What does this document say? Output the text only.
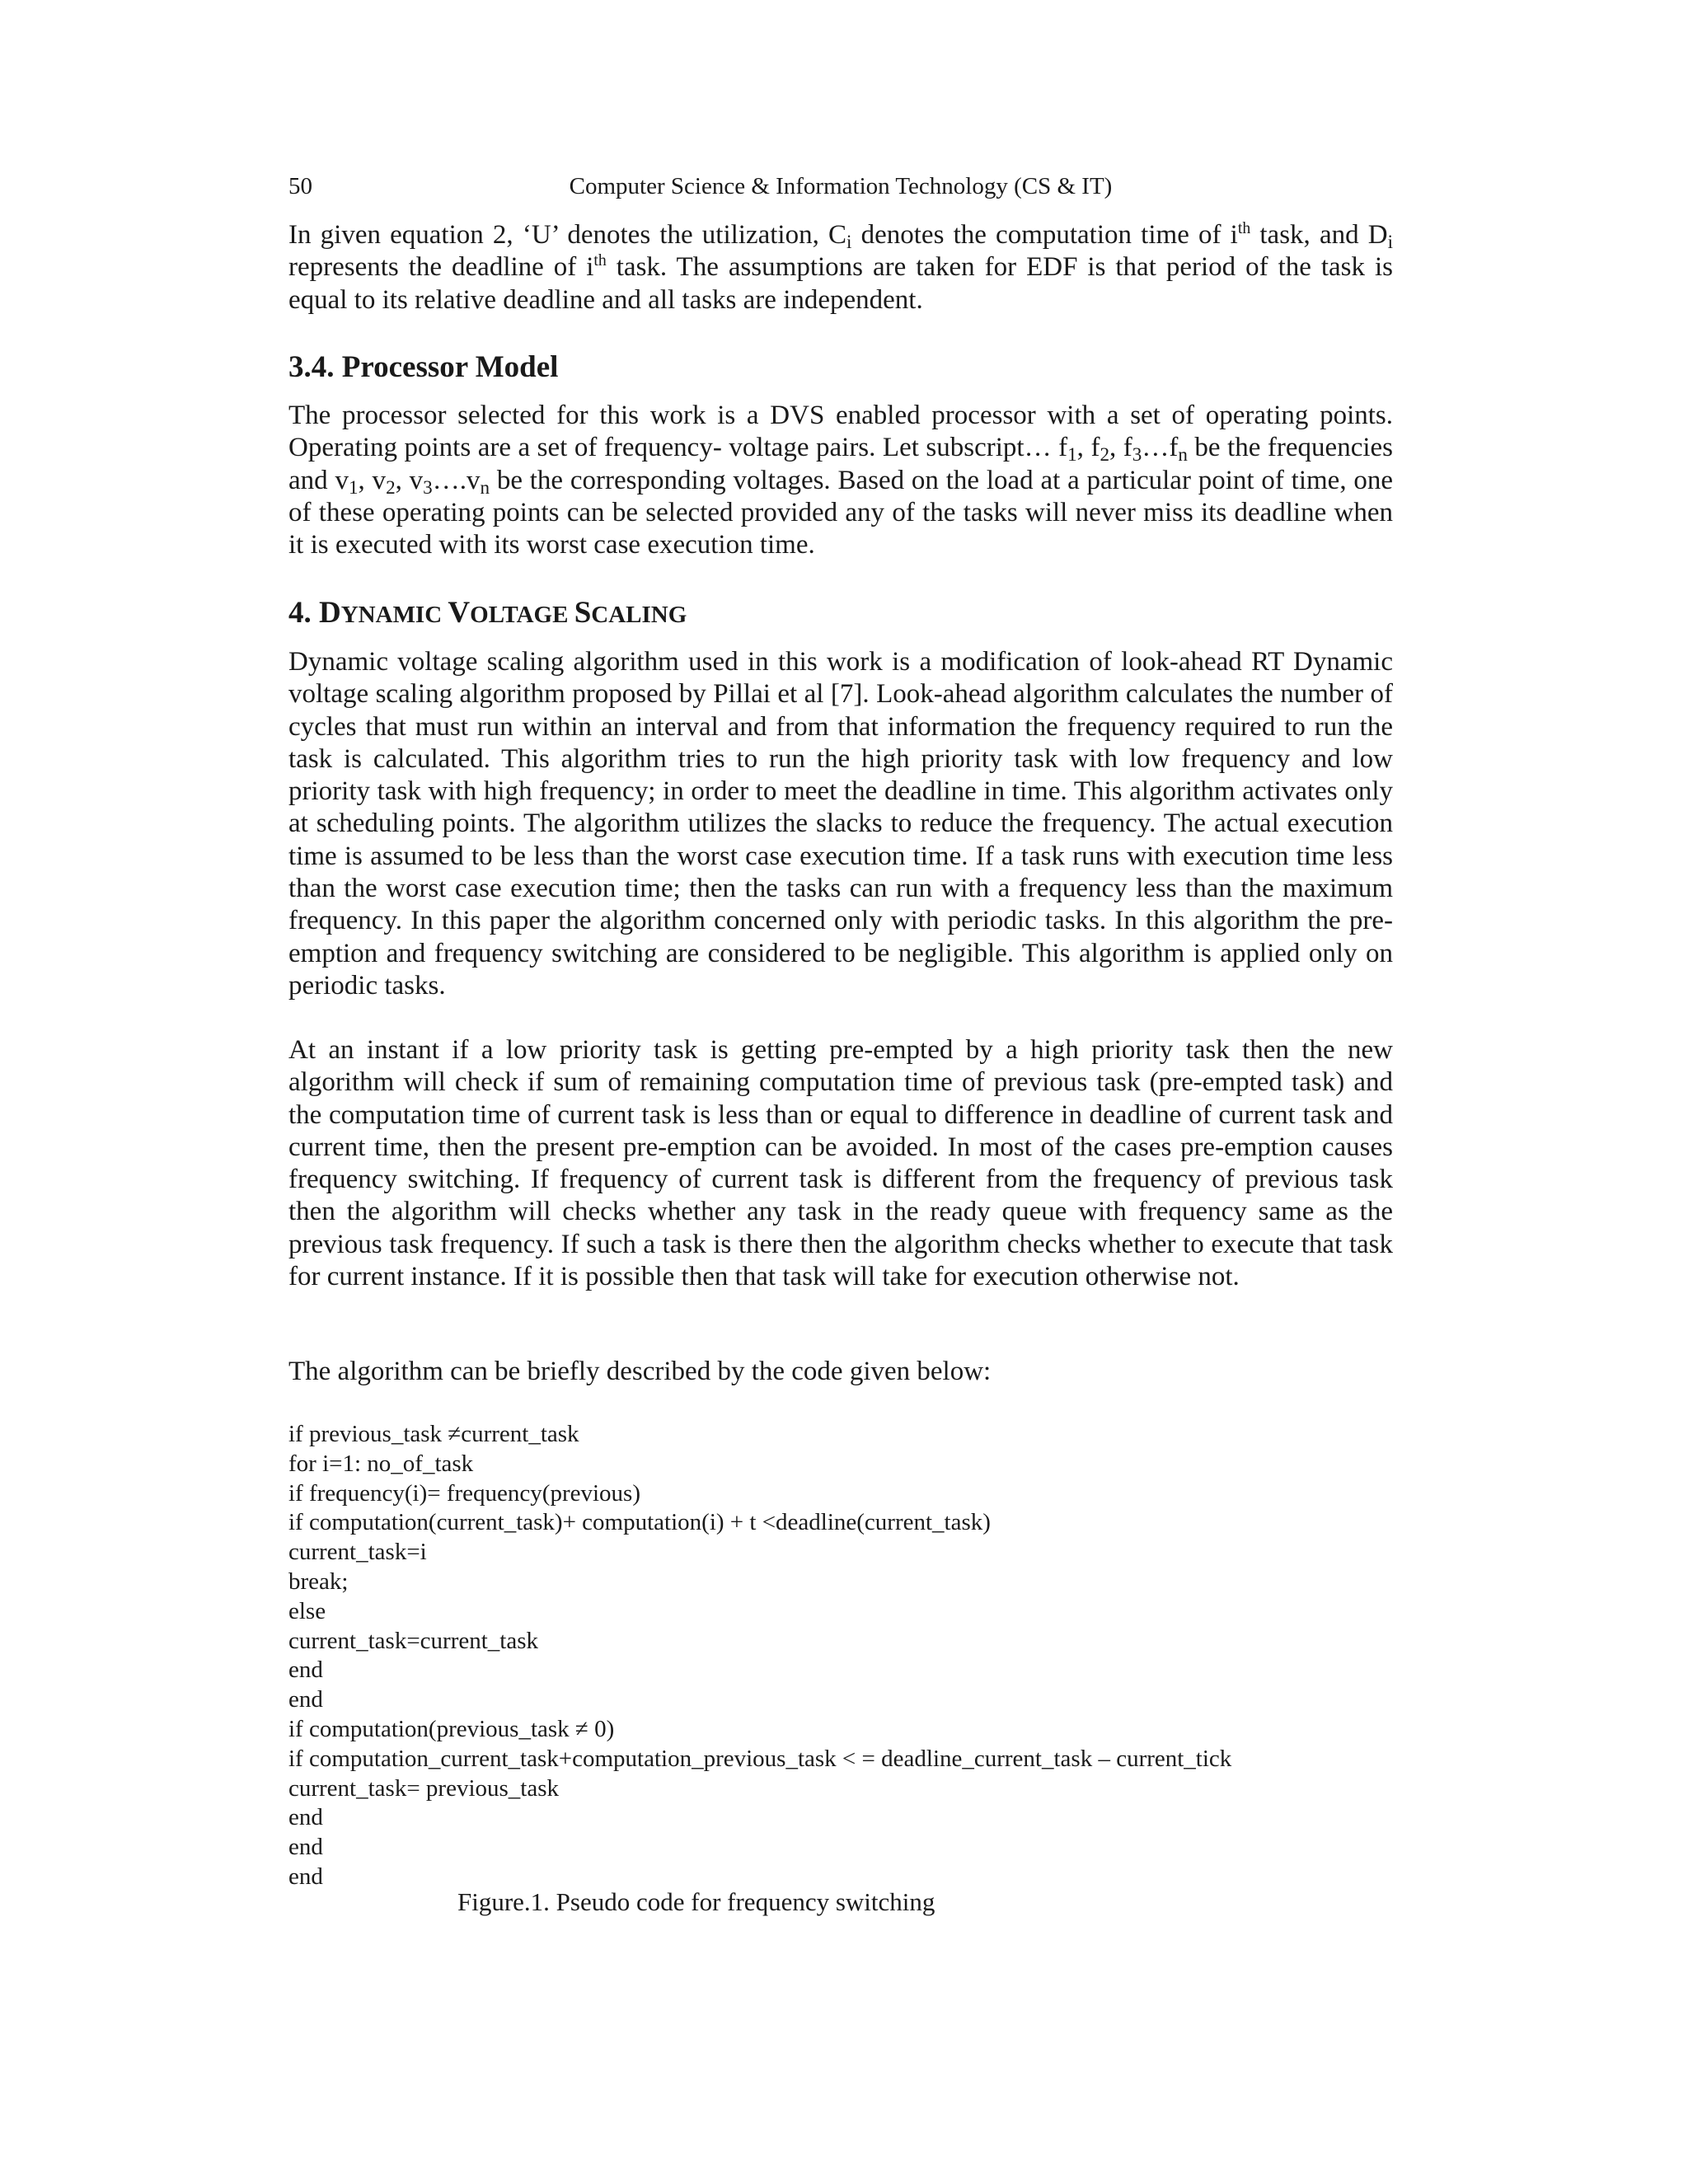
50	Computer Science & Information Technology (CS & IT)

In given equation 2, ‘U’ denotes the utilization, $C_i$ denotes the computation time of $i^{th}$ task, and $D_i$ represents the deadline of $i^{th}$ task. The assumptions are taken for EDF is that period of the task is equal to its relative deadline and all tasks are independent.

3.4. Processor Model

The processor selected for this work is a DVS enabled processor with a set of operating points. Operating points are a set of frequency- voltage pairs. Let subscript… $f_1$, $f_2$, $f_3\dots f_n$ be the frequencies and $v_1$, $v_2$, $v_3\dots.v_n$ be the corresponding voltages. Based on the load at a particular point of time, one of these operating points can be selected provided any of the tasks will never miss its deadline when it is executed with its worst case execution time.

4. DYNAMIC VOLTAGE SCALING

Dynamic voltage scaling algorithm used in this work is a modification of look-ahead RT Dynamic voltage scaling algorithm proposed by Pillai et al [7]. Look-ahead algorithm calculates the number of cycles that must run within an interval and from that information the frequency required to run the task is calculated. This algorithm tries to run the high priority task with low frequency and low priority task with high frequency; in order to meet the deadline in time. This algorithm activates only at scheduling points. The algorithm utilizes the slacks to reduce the frequency. The actual execution time is assumed to be less than the worst case execution time. If a task runs with execution time less than the worst case execution time; then the tasks can run with a frequency less than the maximum frequency. In this paper the algorithm concerned only with periodic tasks. In this algorithm the pre-emption and frequency switching are considered to be negligible. This algorithm is applied only on periodic tasks.

At an instant if a low priority task is getting pre-empted by a high priority task then the new algorithm will check if sum of remaining computation time of previous task (pre-empted task) and the computation time of current task is less than or equal to difference in deadline of current task and current time, then the present pre-emption can be avoided. In most of the cases pre-emption causes frequency switching. If frequency of current task is different from the frequency of previous task then the algorithm will checks whether any task in the ready queue with frequency same as the previous task frequency. If such a task is there then the algorithm checks whether to execute that task for current instance. If it is possible then that task will take for execution otherwise not.

The algorithm can be briefly described by the code given below:

if previous_task ≠current_task
for i=1: no_of_task
if frequency(i)= frequency(previous)
if computation(current_task)+ computation(i) + t <deadline(current_task)
current_task=i
break;
else
current_task=current_task
end
end
if computation(previous_task ≠ 0)
if computation_current_task+computation_previous_task < = deadline_current_task – current_tick
current_task= previous_task
end
end
end
Figure.1. Pseudo code for frequency switching
